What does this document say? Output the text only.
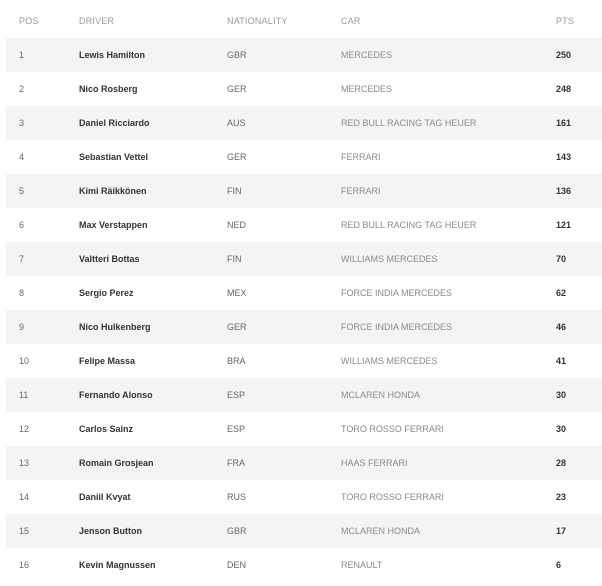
POS	DRIVER	NATIONALITY	CAR	PTS
1	Lewis Hamilton	GBR	MERCEDES	250
2	Nico Rosberg	GER	MERCEDES	248
3	Daniel Ricciardo	AUS	RED BULL RACING TAG HEUER	161
4	Sebastian Vettel	GER	FERRARI	143
5	Kimi Räikkönen	FIN	FERRARI	136
6	Max Verstappen	NED	RED BULL RACING TAG HEUER	121
7	Valtteri Bottas	FIN	WILLIAMS MERCEDES	70
8	Sergio Perez	MEX	FORCE INDIA MERCEDES	62
9	Nico Hulkenberg	GER	FORCE INDIA MERCEDES	46
10	Felipe Massa	BRA	WILLIAMS MERCEDES	41
11	Fernando Alonso	ESP	MCLAREN HONDA	30
12	Carlos Sainz	ESP	TORO ROSSO FERRARI	30
13	Romain Grosjean	FRA	HAAS FERRARI	28
14	Daniil Kvyat	RUS	TORO ROSSO FERRARI	23
15	Jenson Button	GBR	MCLAREN HONDA	17
16	Kevin Magnussen	DEN	RENAULT	6
